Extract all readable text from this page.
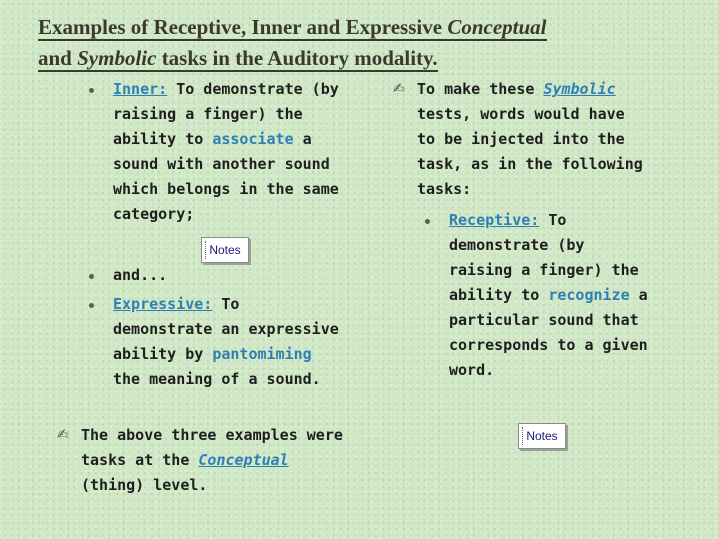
Examples of Receptive, Inner and Expressive Conceptual
and Symbolic tasks in the Auditory modality.
Inner: To demonstrate (by raising a finger) the ability to associate a sound with another sound which belongs in the same category;
Notes
and...
Expressive: To demonstrate an expressive ability by pantomiming the meaning of a sound.
✍ The above three examples were tasks at the Conceptual (thing) level.
✍ To make these Symbolic tests, words would have to be injected into the task, as in the following tasks:
Receptive: To demonstrate (by raising a finger) the ability to recognize a particular sound that corresponds to a given word.
Notes
